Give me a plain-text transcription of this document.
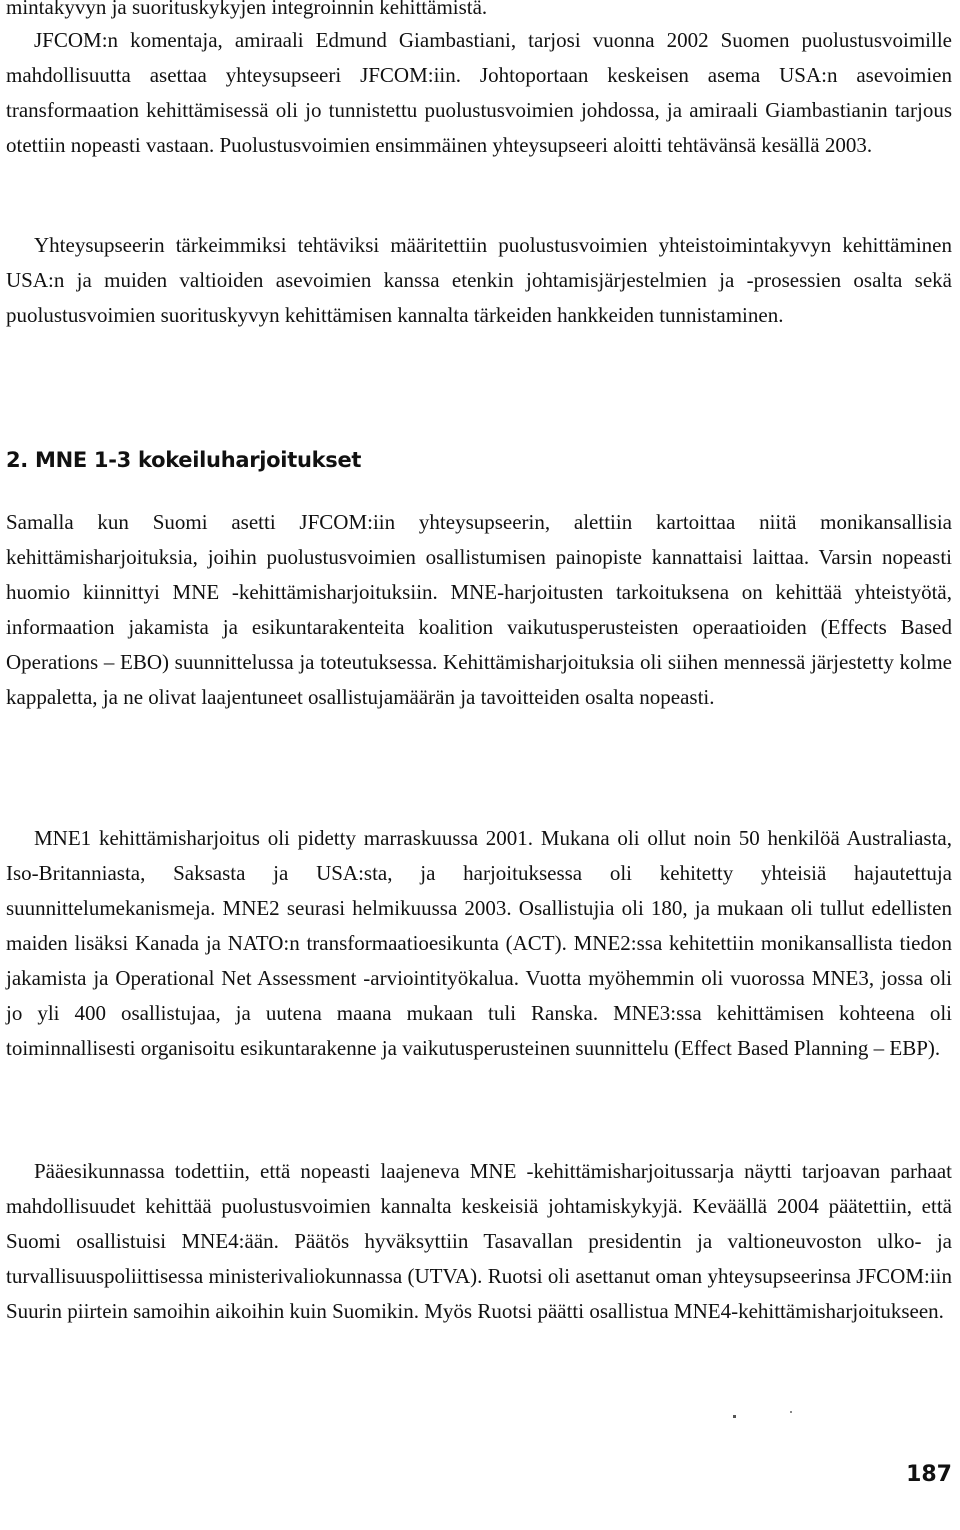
mintakyvyn ja suorituskykyjen integroinnin kehittämistä.

JFCOM:n komentaja, amiraali Edmund Giambastiani, tarjosi vuonna 2002 Suomen puolustusvoimille mahdollisuutta asettaa yhteysupseeri JFCOM:iin. Johtoportaan keskeisen asema USA:n asevoimien transformaation kehittämisessä oli jo tunnistettu puolustusvoimien johdossa, ja amiraali Giambastianin tarjous otettiin nopeasti vastaan. Puolustusvoimien ensimmäinen yhteysupseeri aloitti tehtävänsä kesällä 2003.

Yhteysupseerin tärkeimmiksi tehtäviksi määritettiin puolustusvoimien yhteistoimintakyvyn kehittäminen USA:n ja muiden valtioiden asevoimien kanssa etenkin johtamisjärjestelmien ja -prosessien osalta sekä puolustusvoimien suorituskyvyn kehittämisen kannalta tärkeiden hankkeiden tunnistaminen.

2. MNE 1-3 kokeiluharjoitukset

Samalla kun Suomi asetti JFCOM:iin yhteysupseerin, alettiin kartoittaa niitä monikansallisia kehittämisharjoituksia, joihin puolustusvoimien osallistumisen painopiste kannattaisi laittaa. Varsin nopeasti huomio kiinnittyi MNE -kehittämisharjoituksiin. MNE-harjoitusten tarkoituksena on kehittää yhteistyötä, informaation jakamista ja esikuntarakenteita koalition vaikutusperusteisten operaatioiden (Effects Based Operations – EBO) suunnittelussa ja toteutuksessa. Kehittämisharjoituksia oli siihen mennessä järjestetty kolme kappaletta, ja ne olivat laajentuneet osallistujamäärän ja tavoitteiden osalta nopeasti.

MNE1 kehittämisharjoitus oli pidetty marraskuussa 2001. Mukana oli ollut noin 50 henkilöä Australiasta, Iso-Britanniasta, Saksasta ja USA:sta, ja harjoituksessa oli kehitetty yhteisiä hajautettuja suunnittelumekanismeja. MNE2 seurasi helmikuussa 2003. Osallistujia oli 180, ja mukaan oli tullut edellisten maiden lisäksi Kanada ja NATO:n transformaatioesikunta (ACT). MNE2:ssa kehitettiin monikansallista tiedon jakamista ja Operational Net Assessment -arviointityökalua. Vuotta myöhemmin oli vuorossa MNE3, jossa oli jo yli 400 osallistujaa, ja uutena maana mukaan tuli Ranska. MNE3:ssa kehittämisen kohteena oli toiminnallisesti organisoitu esikuntarakenne ja vaikutusperusteinen suunnittelu (Effect Based Planning – EBP).

Pääesikunnassa todettiin, että nopeasti laajeneva MNE -kehittämisharjoitussarja näytti tarjoavan parhaat mahdollisuudet kehittää puolustusvoimien kannalta keskeisiä johtamiskykyjä. Keväällä 2004 päätettiin, että Suomi osallistuisi MNE4:ään. Päätös hyväksyttiin Tasavallan presidentin ja valtioneuvoston ulko- ja turvallisuuspoliittisessa ministerivaliokunnassa (UTVA). Ruotsi oli asettanut oman yhteysupseerinsa JFCOM:iin Suurin piirtein samoihin aikoihin kuin Suomikin. Myös Ruotsi päätti osallistua MNE4-kehittämisharjoitukseen.

187
